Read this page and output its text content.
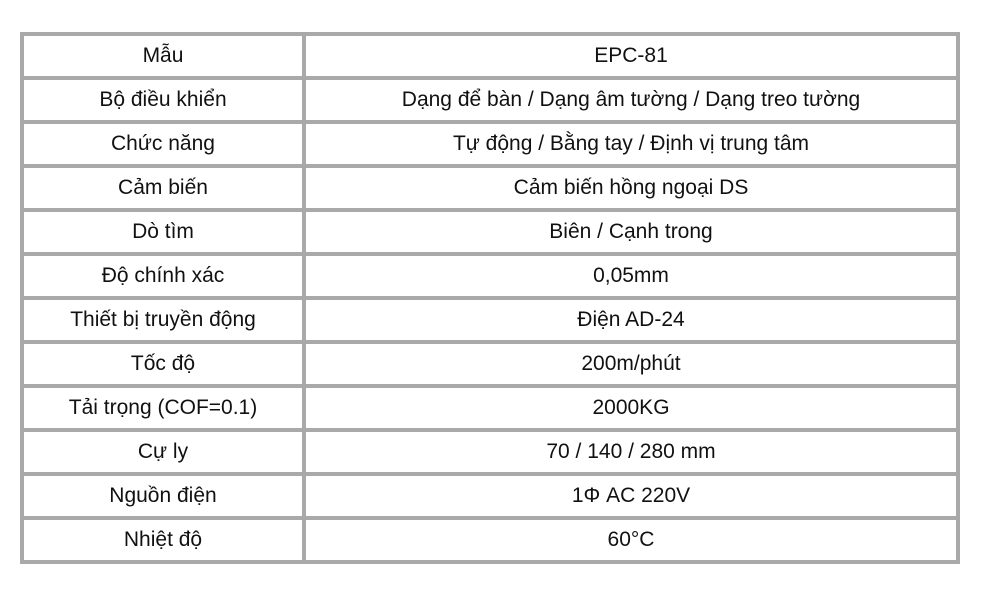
Mẫu	EPC-81
Bộ điều khiển	Dạng để bàn / Dạng âm tường / Dạng treo tường
Chức năng	Tự động / Bằng tay / Định vị trung tâm
Cảm biến	Cảm biến hồng ngoại DS
Dò tìm	Biên / Cạnh trong
Độ chính xác	0,05mm
Thiết bị truyền động	Điện AD-24
Tốc độ	200m/phút
Tải trọng (COF=0.1)	2000KG
Cự ly	70 / 140 / 280 mm
Nguồn điện	1Φ AC 220V
Nhiệt độ	60°C
